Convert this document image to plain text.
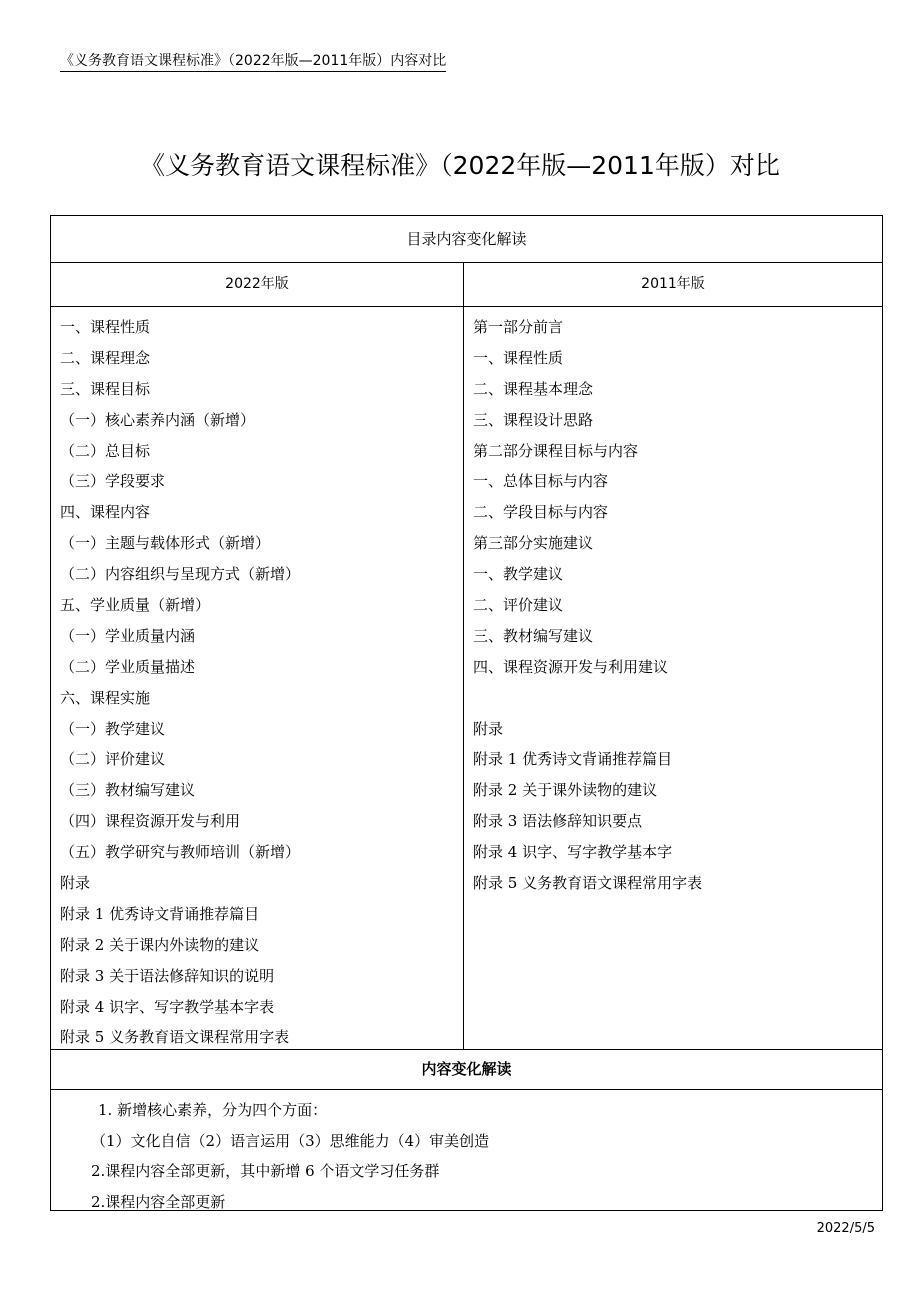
《义务教育语文课程标准》（2022年版—2011年版）内容对比
《义务教育语文课程标准》（2022年版—2011年版）对比
目录内容变化解读
2022年版	2011年版
一、课程性质
二、课程理念
三、课程目标
（一）核心素养内涵（新增）
（二）总目标
（三）学段要求
四、课程内容
（一）主题与载体形式（新增）
（二）内容组织与呈现方式（新增）
五、学业质量（新增）
（一）学业质量内涵
（二）学业质量描述
六、课程实施
（一）教学建议
（二）评价建议
（三）教材编写建议
（四）课程资源开发与利用
（五）教学研究与教师培训（新增）
附录
附录 1 优秀诗文背诵推荐篇目
附录 2 关于课内外读物的建议
附录 3 关于语法修辞知识的说明
附录 4 识字、写字教学基本字表
附录 5 义务教育语文课程常用字表
第一部分前言
一、课程性质
二、课程基本理念
三、课程设计思路
第二部分课程目标与内容
一、总体目标与内容
二、学段目标与内容
第三部分实施建议
一、教学建议
二、评价建议
三、教材编写建议
四、课程资源开发与利用建议
附录
附录 1 优秀诗文背诵推荐篇目
附录 2 关于课外读物的建议
附录 3 语法修辞知识要点
附录 4 识字、写字教学基本字
附录 5 义务教育语文课程常用字表
内容变化解读
1. 新增核心素养，分为四个方面：
（1）文化自信（2）语言运用（3）思维能力（4）审美创造
2.课程内容全部更新，其中新增 6 个语文学习任务群
2.课程内容全部更新
2022/5/5
